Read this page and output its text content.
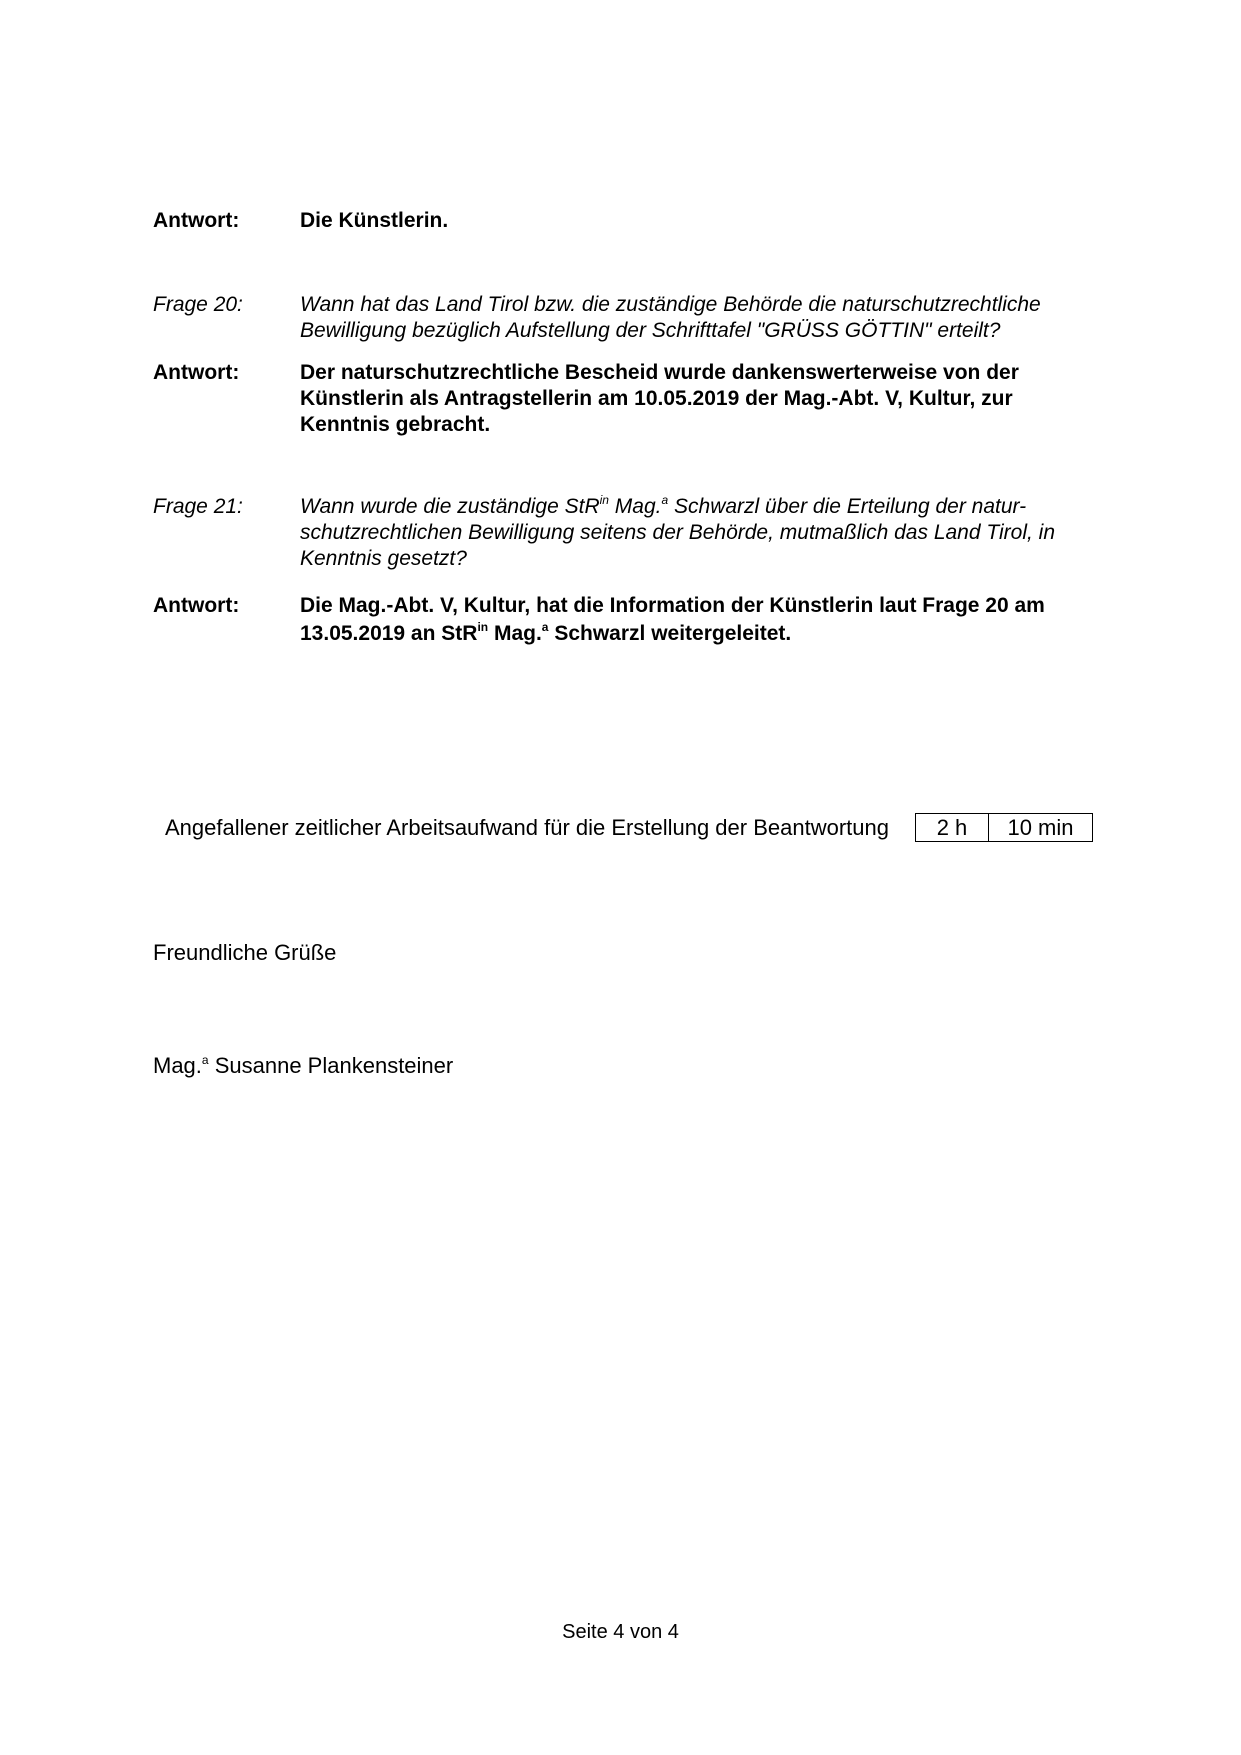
Antwort:	Die Künstlerin.
Frage 20:	Wann hat das Land Tirol bzw. die zuständige Behörde die naturschutzrechtliche

Bewilligung bezüglich Aufstellung der Schrifttafel "GRÜSS GÖTTIN" erteilt?

Antwort:	Der naturschutzrechtliche Bescheid wurde dankenswerterweise von der

Künstlerin als Antragstellerin am 10.05.2019 der Mag.-Abt. V, Kultur, zur

Kenntnis gebracht.

Frage 21:	Wann wurde die zuständige StR$^{in}$ Mag.$^a$ Schwarzl über die Erteilung der natur-

schutzrechtlichen Bewilligung seitens der Behörde, mutmaßlich das Land Tirol, in

Kenntnis gesetzt?

Antwort:	Die Mag.-Abt. V, Kultur, hat die Information der Künstlerin laut Frage 20 am

13.05.2019 an StR$^{in}$ Mag.$^a$ Schwarzl weitergeleitet.

Angefallener zeitlicher Arbeitsaufwand für die Erstellung der Beantwortung	2 h	10 min
Freundliche Grüße
Mag.$^a$ Susanne Plankensteiner
Seite 4 von 4
